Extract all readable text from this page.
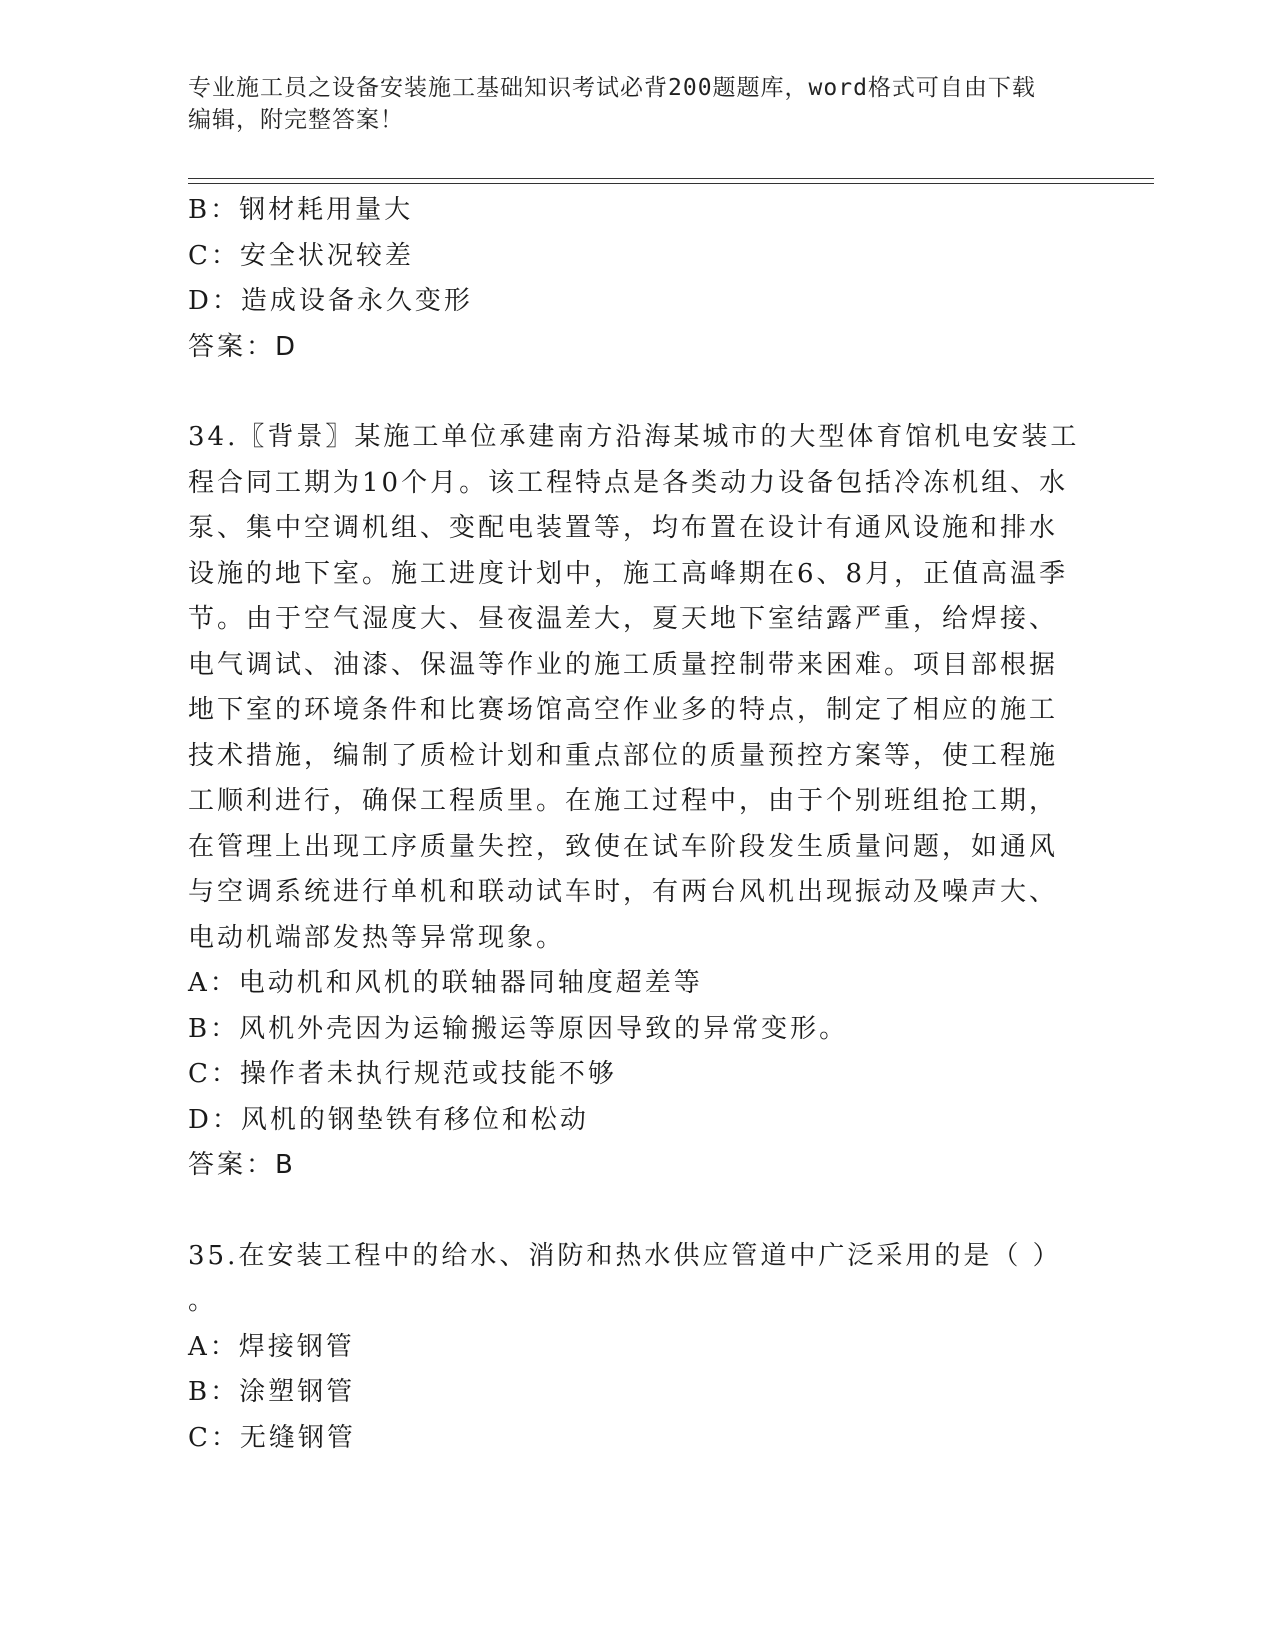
专业施工员之设备安装施工基础知识考试必背200题题库，word格式可自由下载
编辑，附完整答案！
B：钢材耗用量大
C：安全状况较差
D：造成设备永久变形
答案：D
34.〖背景〗某施工单位承建南方沿海某城市的大型体育馆机电安装工
程合同工期为10个月。该工程特点是各类动力设备包括冷冻机组、水
泵、集中空调机组、变配电装置等，均布置在设计有通风设施和排水
设施的地下室。施工进度计划中，施工高峰期在6、8月，正值高温季
节。由于空气湿度大、昼夜温差大，夏天地下室结露严重，给焊接、
电气调试、油漆、保温等作业的施工质量控制带来困难。项目部根据
地下室的环境条件和比赛场馆高空作业多的特点，制定了相应的施工
技术措施，编制了质检计划和重点部位的质量预控方案等，使工程施
工顺利进行，确保工程质里。在施工过程中，由于个别班组抢工期，
在管理上出现工序质量失控，致使在试车阶段发生质量问题，如通风
与空调系统进行单机和联动试车时，有两台风机出现振动及噪声大、
电动机端部发热等异常现象。
A：电动机和风机的联轴器同轴度超差等
B：风机外壳因为运输搬运等原因导致的异常变形。
C：操作者未执行规范或技能不够
D：风机的钢垫铁有移位和松动
答案：B
35.在安装工程中的给水、消防和热水供应管道中广泛采用的是（ ）
。
A：焊接钢管
B：涂塑钢管
C：无缝钢管
